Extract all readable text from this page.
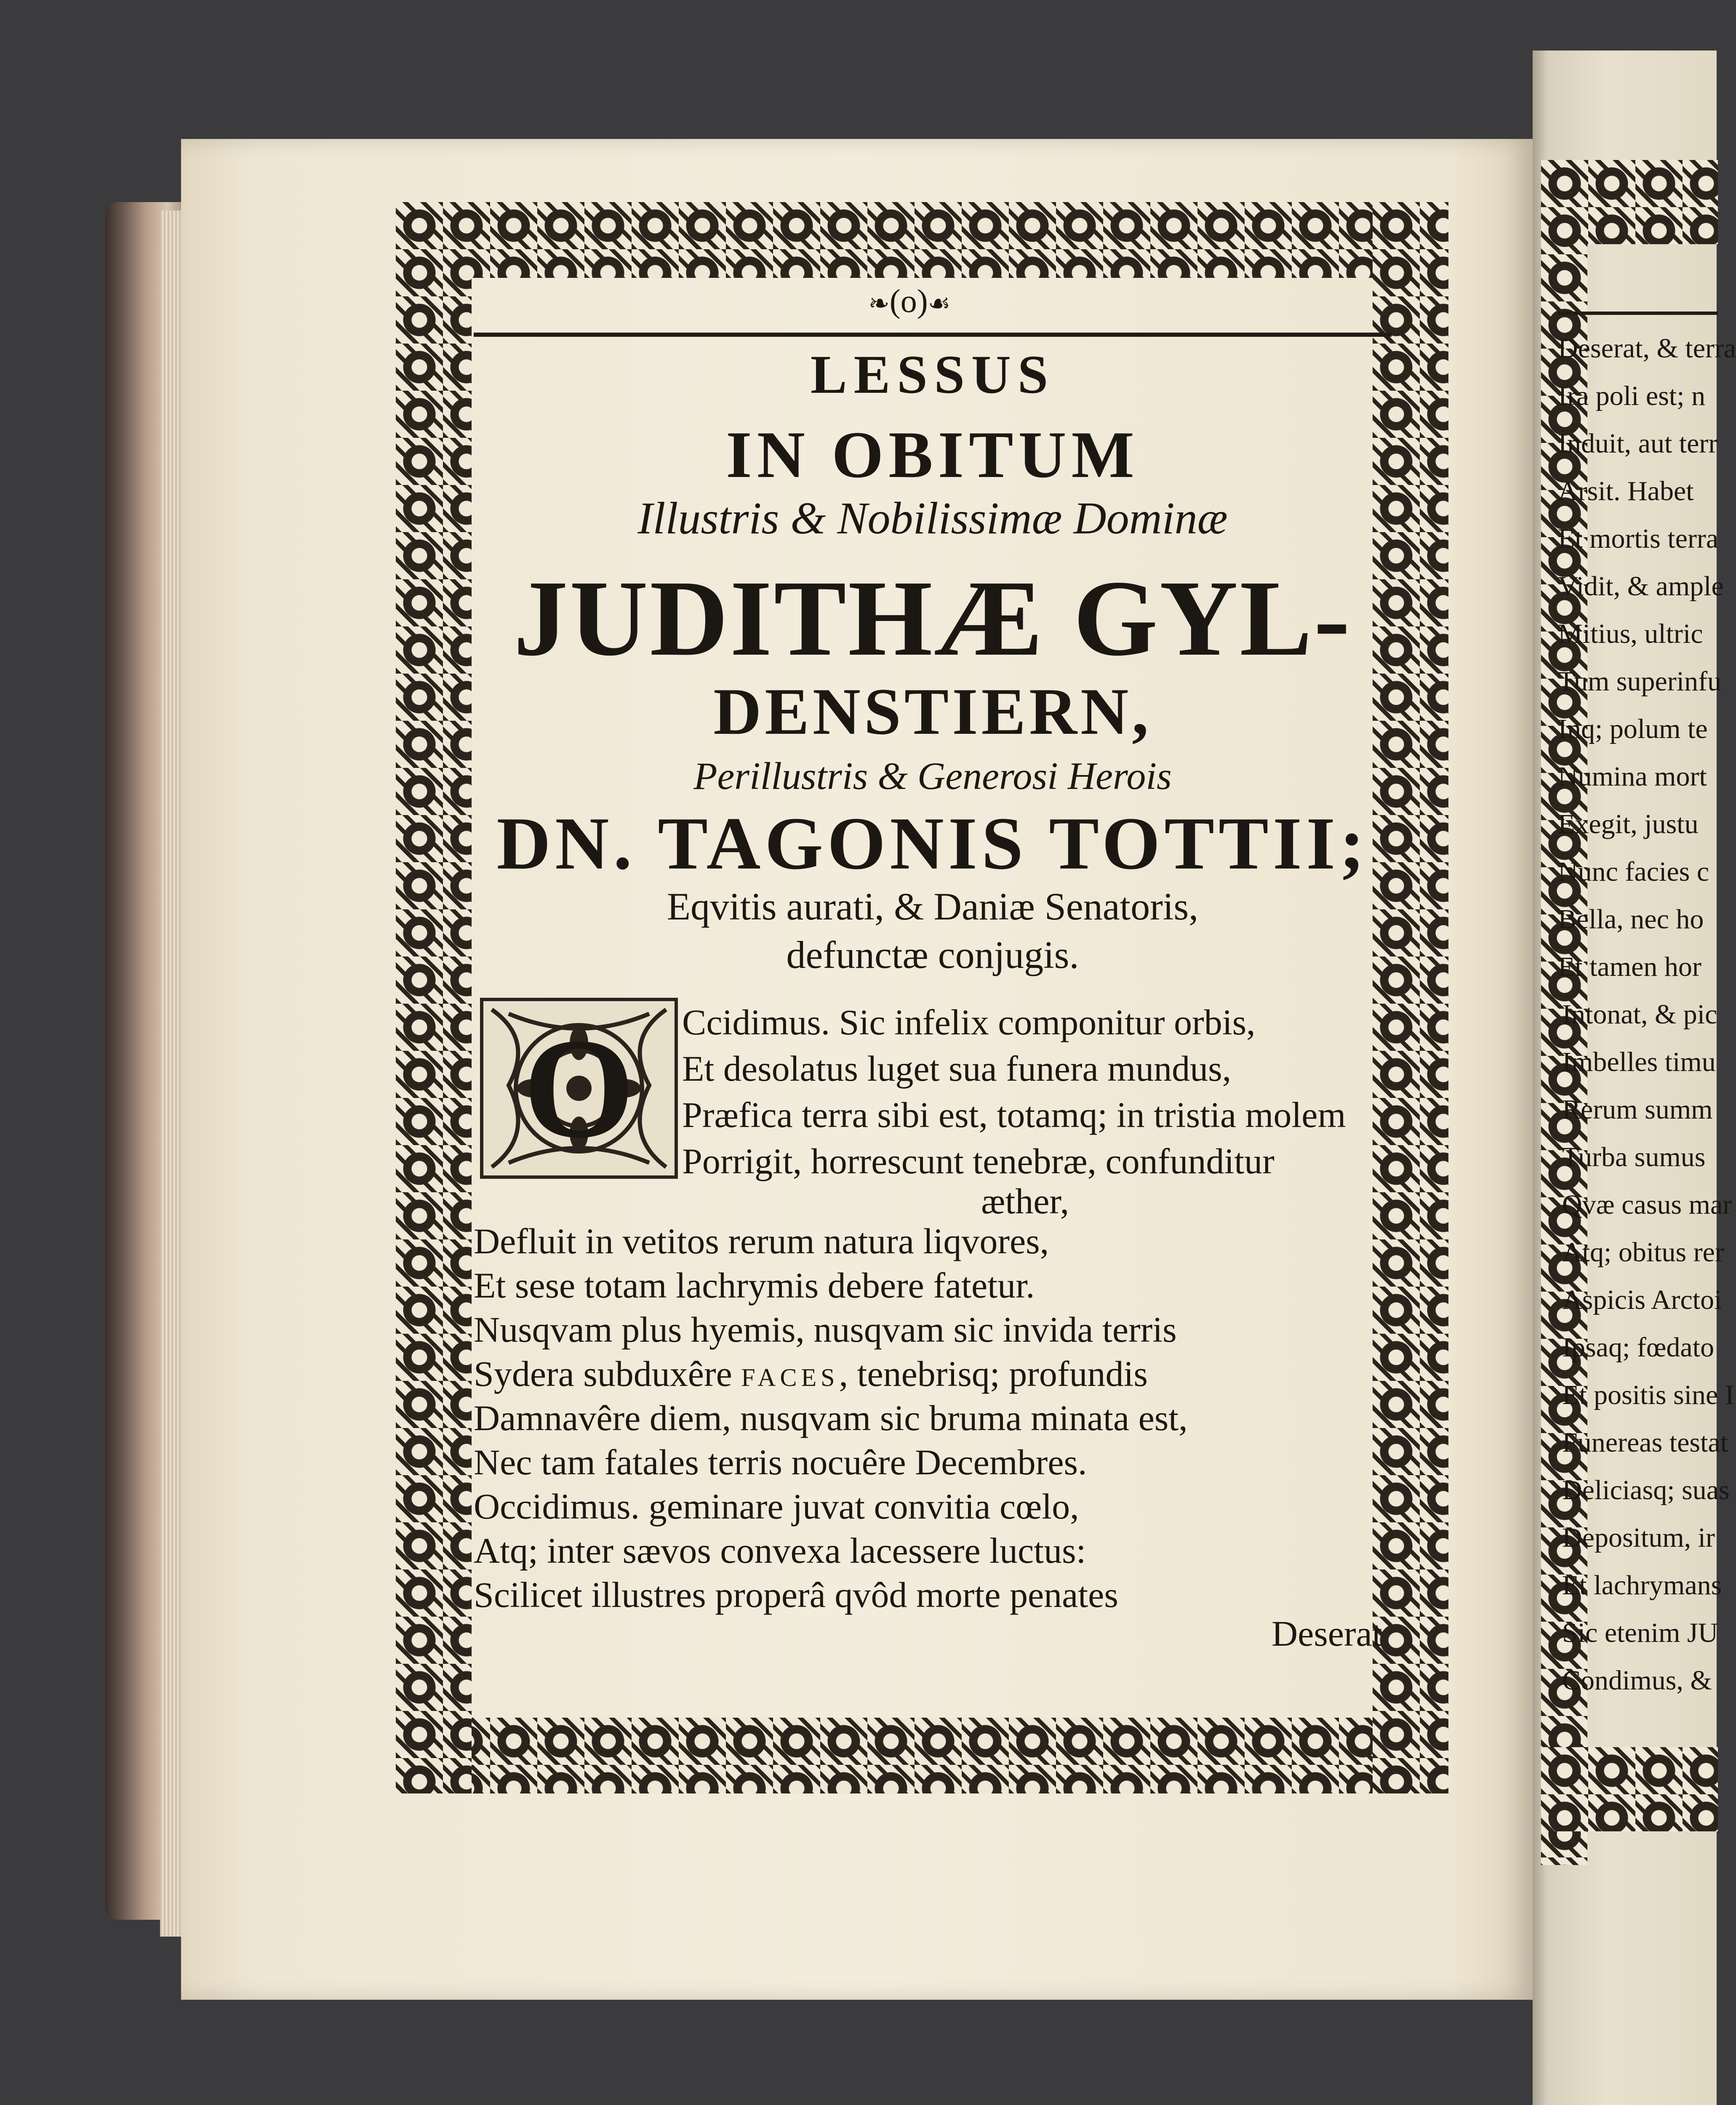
❧(o)☙
LESSUS
IN OBITUM
Illustris & Nobilissimæ Dominæ
JUDITHÆ GYL-
DENSTIERN,
Perillustris & Generosi Herois
DN. TAGONIS TOTTII;
Eqvitis aurati, & Daniæ Senatoris,
defunctæ conjugis.
O Ccidimus. Sic infelix componitur orbis,
Et desolatus luget sua funera mundus,
Præfica terra sibi est, totamq; in tristia molem
Porrigit, horrescunt tenebræ, confunditur
æther,
Defluit in vetitos rerum natura liqvores,
Et sese totam lachrymis debere fatetur.
Nusqvam plus hyemis, nusqvam sic invida terris
Sydera subduxêre FACES, tenebrisq; profundis
Damnavêre diem, nusqvam sic bruma minata est,
Nec tam fatales terris nocuêre Decembres.
Occidimus. geminare juvat convitia cœlo,
Atq; inter sævos convexa lacessere luctus:
Scilicet illustres properâ qvôd morte penates
Deserat
Deserat, & terra
Ira poli est; n
Induit, aut terr
Arsit. Habet
Et mortis terra
Vidit, & ample
Mitius, ultric
Tum superinfu
Inq; polum te
Numina mort
Exegit, justu
Nunc facies c
Bella, nec ho
Et tamen hor
Intonat, & pic
Imbelles timu
Rerum summ
Turba sumus
Qvæ casus mar
Atq; obitus rer
Aspicis Arctoi
Ipsaq; fœdato
Et positis sine I
Funereas testat
Deliciasq; suas
Depositum, ir
Et lachrymans
Sic etenim JU
Condimus, &
